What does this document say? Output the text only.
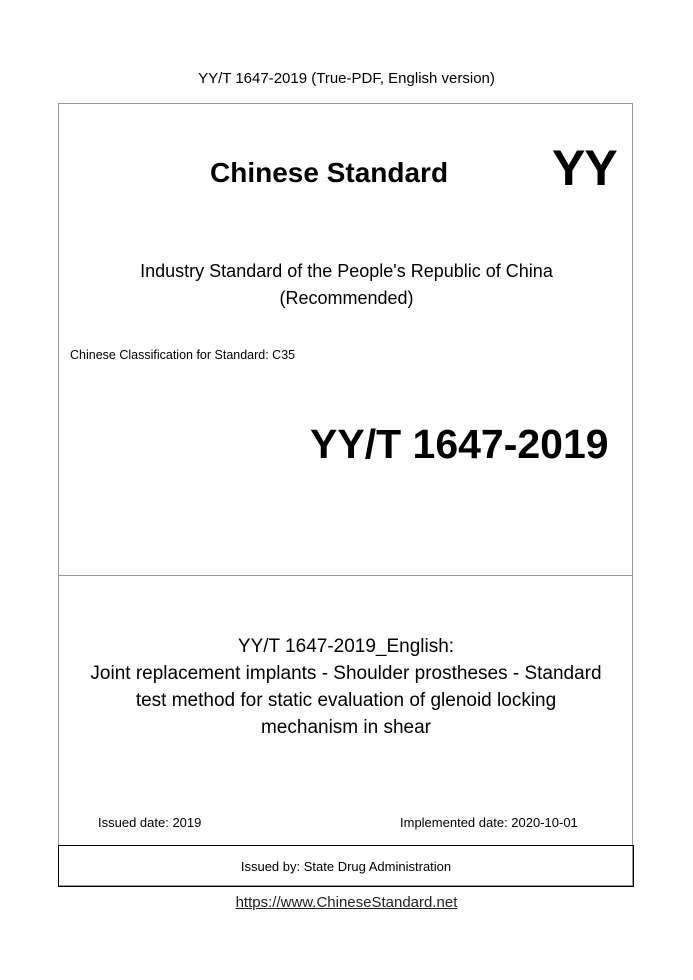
YY/T 1647-2019 (True-PDF, English version)
Chinese Standard YY
Industry Standard of the People's Republic of China
(Recommended)
Chinese Classification for Standard: C35
YY/T 1647-2019
YY/T 1647-2019_English:
Joint replacement implants - Shoulder prostheses - Standard
test method for static evaluation of glenoid locking
mechanism in shear
Issued date: 2019	Implemented date: 2020-10-01
Issued by: State Drug Administration
https://www.ChineseStandard.net
